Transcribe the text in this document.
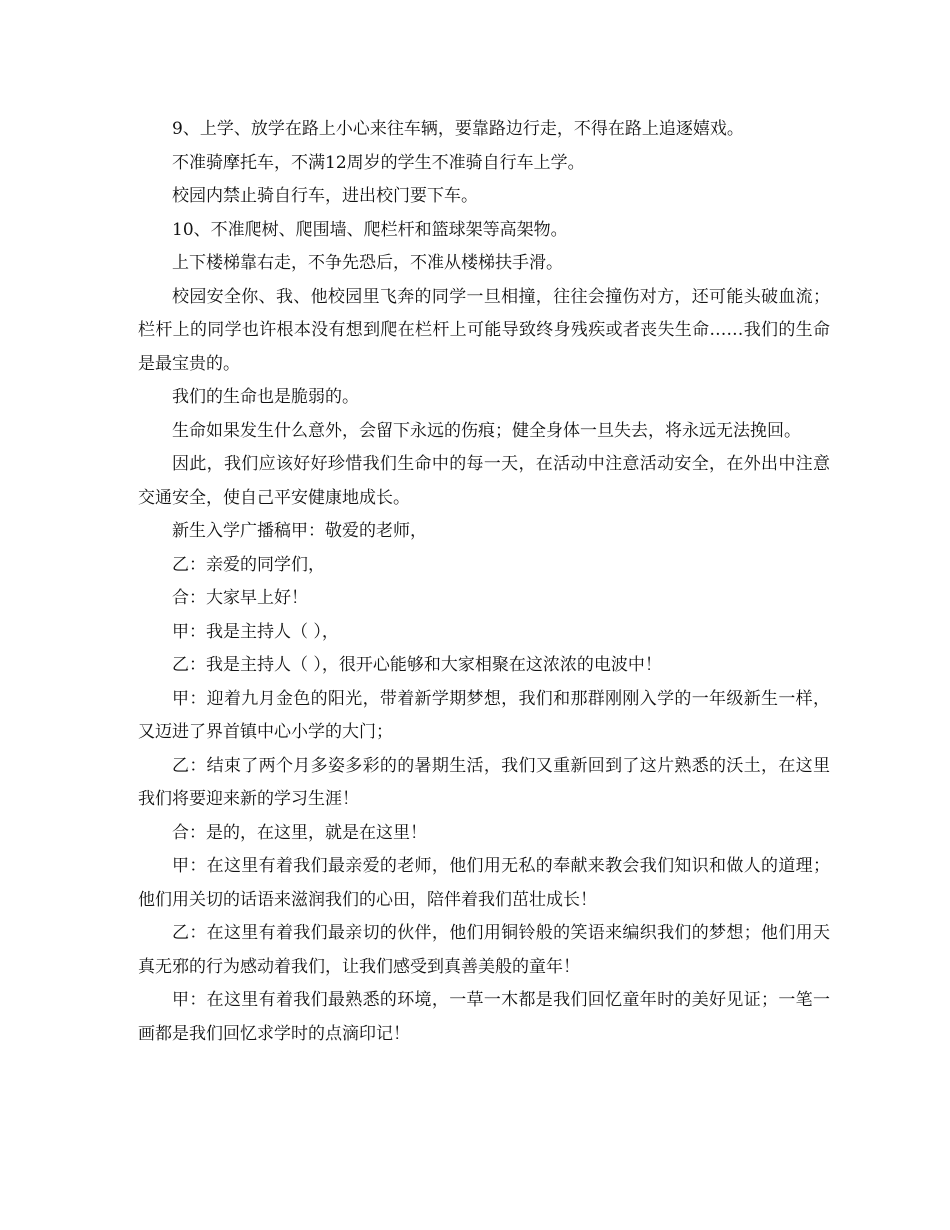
9、上学、放学在路上小心来往车辆，要靠路边行走，不得在路上追逐嬉戏。

不准骑摩托车，不满12周岁的学生不准骑自行车上学。

校园内禁止骑自行车，进出校门要下车。

10、不准爬树、爬围墙、爬栏杆和篮球架等高架物。

上下楼梯靠右走，不争先恐后，不准从楼梯扶手滑。

校园安全你、我、他校园里飞奔的同学一旦相撞，往往会撞伤对方，还可能头破血流；栏杆上的同学也许根本没有想到爬在栏杆上可能导致终身残疾或者丧失生命……我们的生命是最宝贵的。

我们的生命也是脆弱的。

生命如果发生什么意外，会留下永远的伤痕；健全身体一旦失去，将永远无法挽回。

因此，我们应该好好珍惜我们生命中的每一天，在活动中注意活动安全，在外出中注意交通安全，使自己平安健康地成长。

新生入学广播稿甲：敬爱的老师，

乙：亲爱的同学们，

合：大家早上好！

甲：我是主持人（ ），

乙：我是主持人（ ），很开心能够和大家相聚在这浓浓的电波中！

甲：迎着九月金色的阳光，带着新学期梦想，我们和那群刚刚入学的一年级新生一样，又迈进了界首镇中心小学的大门；

乙：结束了两个月多姿多彩的的暑期生活，我们又重新回到了这片熟悉的沃土，在这里我们将要迎来新的学习生涯！

合：是的，在这里，就是在这里！

甲：在这里有着我们最亲爱的老师，他们用无私的奉献来教会我们知识和做人的道理；他们用关切的话语来滋润我们的心田，陪伴着我们茁壮成长！

乙：在这里有着我们最亲切的伙伴，他们用铜铃般的笑语来编织我们的梦想；他们用天真无邪的行为感动着我们，让我们感受到真善美般的童年！

甲：在这里有着我们最熟悉的环境，一草一木都是我们回忆童年时的美好见证；一笔一画都是我们回忆求学时的点滴印记！
